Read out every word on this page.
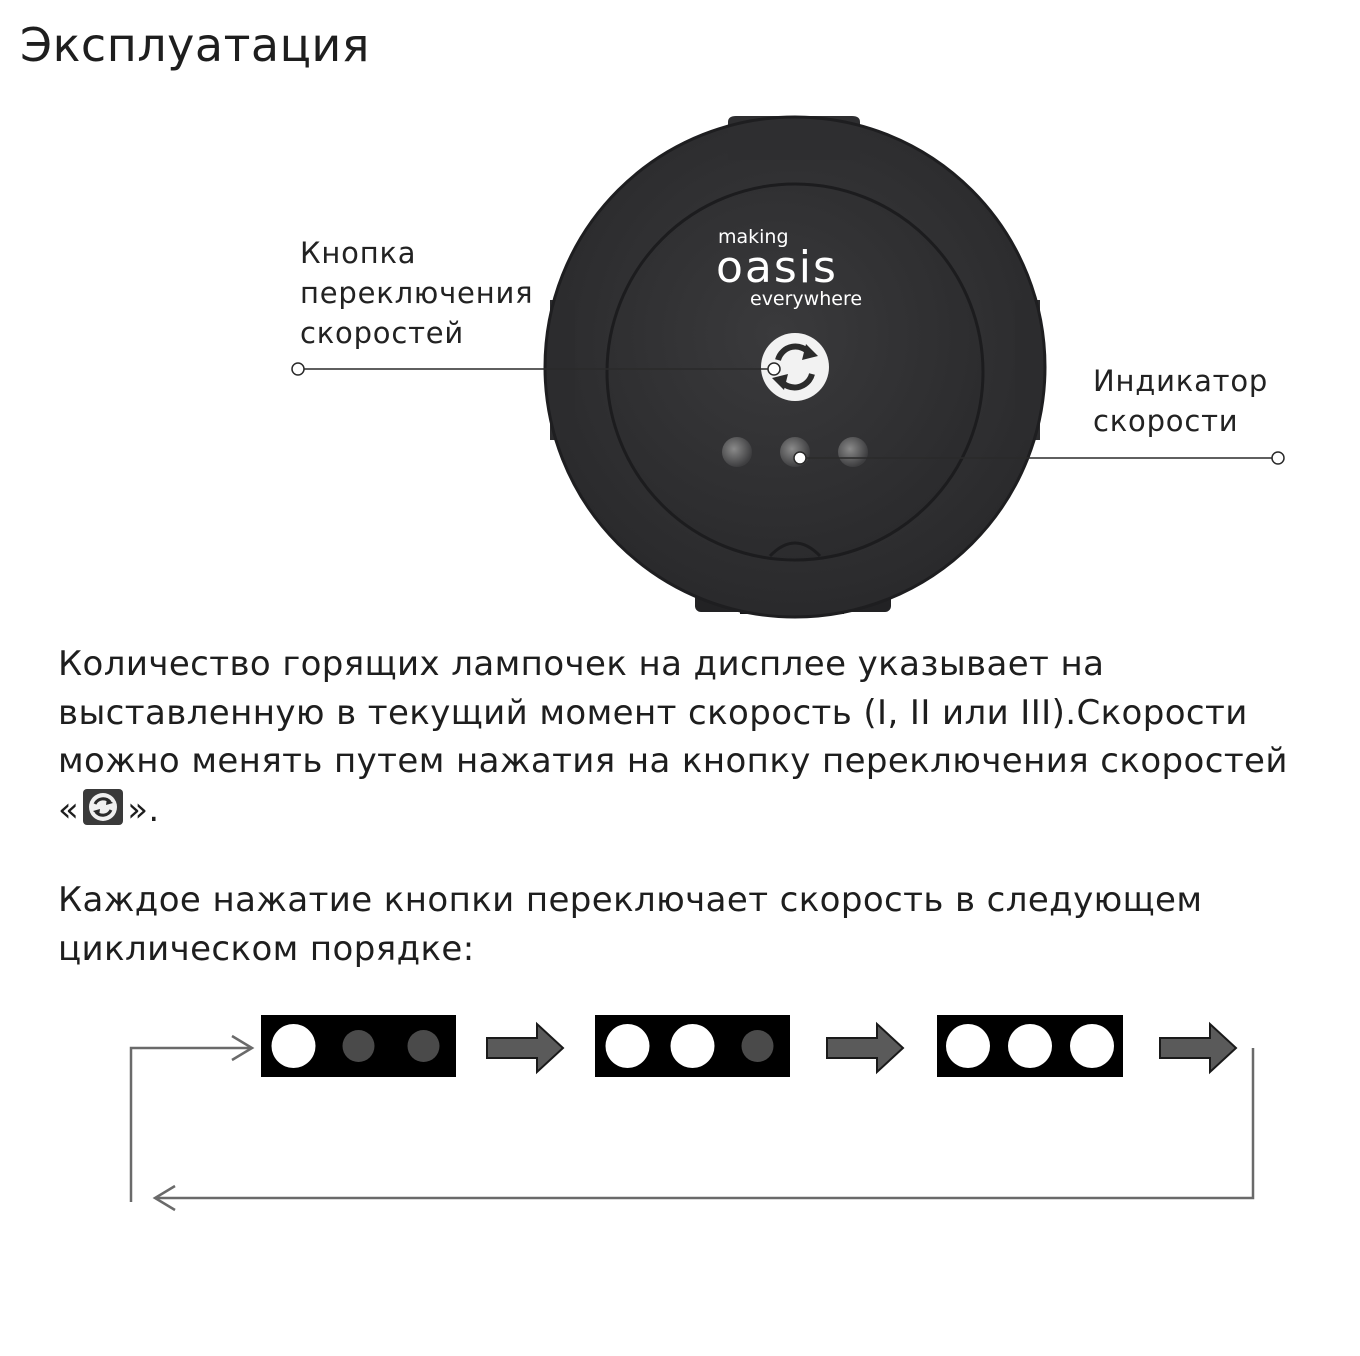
Эксплуатация
making
oasis
everywhere
Кнопка
переключения
скоростей
Индикатор
скорости
Количество горящих лампочек на дисплее указывает на
выставленную в текущий момент скорость (I, II или III).Скорости
можно менять путем нажатия на кнопку переключения скоростей
« ».
Каждое нажатие кнопки переключает скорость в следующем
циклическом порядке:
